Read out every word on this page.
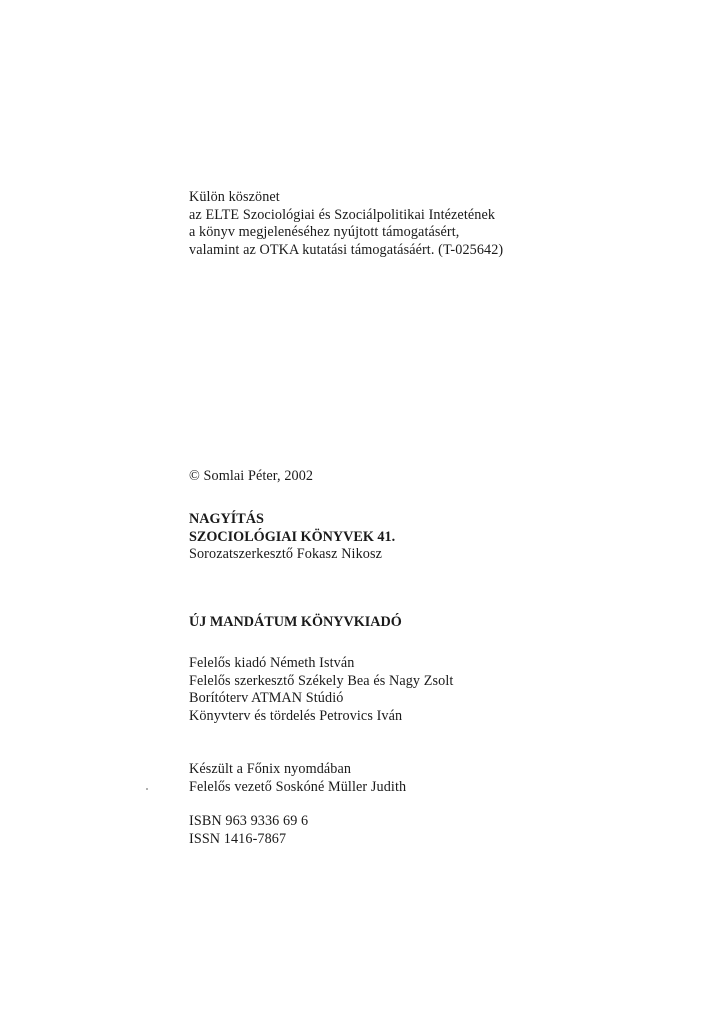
Külön köszönet
az ELTE Szociológiai és Szociálpolitikai Intézetének
a könyv megjelenéséhez nyújtott támogatásért,
valamint az OTKA kutatási támogatásáért. (T-025642)
© Somlai Péter, 2002
NAGYÍTÁS
SZOCIOLÓGIAI KÖNYVEK 41.
Sorozatszerkesztő Fokasz Nikosz
ÚJ MANDÁTUM KÖNYVKIADÓ
Felelős kiadó Németh István
Felelős szerkesztő Székely Bea és Nagy Zsolt
Borítóterv ATMAN Stúdió
Könyvterv és tördelés Petrovics Iván
Készült a Főnix nyomdában
Felelős vezető Soskóné Müller Judith
ISBN 963 9336 69 6
ISSN 1416-7867
